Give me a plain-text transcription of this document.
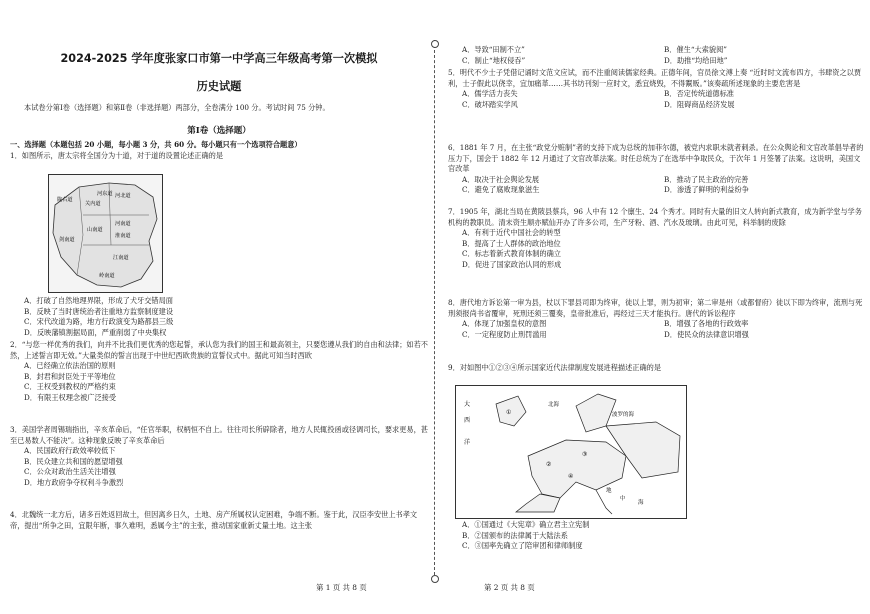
2024-2025 学年度张家口市第一中学高三年级高考第一次模拟
历史试题
本试卷分第Ⅰ卷（选择题）和第Ⅱ卷（非选择题）两部分，全卷满分 100 分。考试时间 75 分钟。
第Ⅰ卷（选择题）

一、选择题（本题包括 20 小题，每小题 3 分，共 60 分。每小题只有一个选项符合题意）

1．如图所示，唐太宗将全国分为十道，对于道的设置论述正确的是

陇右道
关内道
河北道
河东道
河南道
淮南道
江南道
剑南道
山南道
岭南道

A．打破了自然地理界限，形成了犬牙交错局面

B．反映了当时唐统治者注重地方监察制度建设

C．宋代改道为路，地方行政演变为路都县三级

D．反映藩镇割据局面，严重削弱了中央集权

2．“与您一样优秀的我们，向并不比我们更优秀的您起誓，承认您为我们的国王和最高领主，只要您遵从我们的自由和法律；如若不然，上述誓言即无效。”大量类似的誓言出现于中世纪西欧贵族的宣誓仪式中。据此可知当时西欧

A．已经确立依法治国的原则

B．封君和封臣处于平等地位

C．王权受到教权的严格约束

D．有限王权理念被广泛接受

3．美国学者周锡瑞指出，辛亥革命后，“任官举职，权柄恒不自上。往往司长所辟除者，地方人民辄投函或径调司长，要求更易，甚至已易数人不能决”。这种现象反映了辛亥革命后

A．民国政府行政效率较低下

B．民众建立共和国的愿望增强

C．公众对政治生活关注增强

D．地方政府争夺权利斗争激烈

4．北魏统一北方后，诸多百姓返回故土，但因离乡日久，土地、房产所属权认定困难，争端不断。鉴于此，汉臣李安世上书孝文帝，提出“所争之田，宜限年断，事久难明，悉属今主”的主张，推动国家重新丈量土地。这主张

A．导致“田制不立”	B．催生“大索貌阅”
C．制止“地权侵吞”	D．助推“均给田地”

5．明代不少士子凭借记诵时文范文应试，而不注重阅读儒家经典。正德年间，官员徐文溥上奏 “近时时文流布四方，书肆资之以贾利，士子假此以侥幸，宜加痛革……其书坊刊刻一应时文，悉宜烧毁，不得鬻贩。”该奏疏所述现象的主要危害是

A．儒学活力丧失	B．否定传统道德标准
C．破坏踏实学风	D．阻碍商品经济发展

6．1881 年 7 月，在主张“政党分赃制”者的支持下成为总统的加菲尔德，被党内求职未就者刺杀。在公众舆论和文官改革倡导者的压力下，国会于 1882 年 12 月通过了文官改革法案。时任总统为了在选举中争取民众，于次年 1 月签署了法案。这说明，美国文官改革

A．取决于社会舆论发展	B．推动了民主政治的完善
C．避免了腐败现象滋生	D．渗透了鲜明的利益纷争

7．1905 年，湖北当局在黄陂县蔡兵，96 人中有 12 个廪生、24 个秀才。同时有大量的旧文人转向新式教育，成为新学堂与学务机构的教职员。清末资生顺亦赋仙开办了许多公司，生产牙粉、酒、汽水及玻璃。由此可见，科举制的废除

A．有利于近代中国社会的转型

B．提高了士人群体的政治地位

C．标志着新式教育体制的确立

D．促进了国家政治认同的形成

8．唐代地方诉讼第一审为县，杖以下罪县司即为终审，徒以上罪，则为初审；第二审是州（或都督府）徒以下即为终审，流刑与死刑须报尚书省覆审，死刑还须三覆奏，皇帝批准后，再经过三天才能执行。唐代的诉讼程序

A．体现了加强皇权的意图	B．增强了各地的行政效率
C．一定程度防止刑罚滥用	D．使民众的法律意识增强

9．对如图中①②③④所示国家近代法律制度发展进程描述正确的是

大
西
洋
北海
波罗的海
地
中
海
①
②
③
④

A．①国通过《大宪章》确立君主立宪制

B．②国颁布的法律属于大陆法系

C．③国率先确立了陪审团和律师制度

第 1 页 共 8 页	第 2 页 共 8 页
